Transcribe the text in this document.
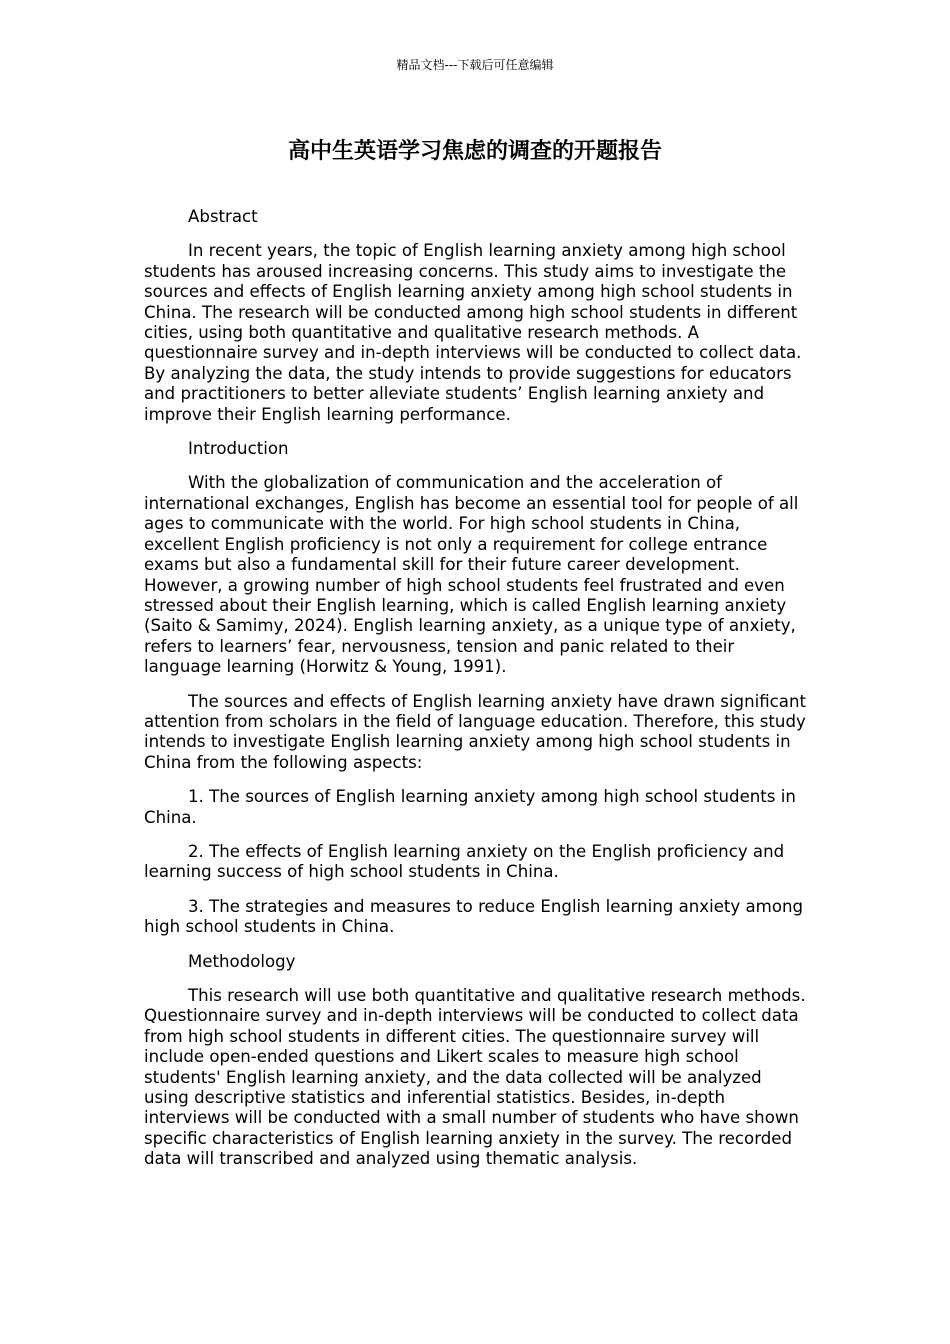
精品文档---下载后可任意编辑
高中生英语学习焦虑的调查的开题报告

Abstract

In recent years, the topic of English learning anxiety among high school students has aroused increasing concerns. This study aims to investigate the sources and effects of English learning anxiety among high school students in China. The research will be conducted among high school students in different cities, using both quantitative and qualitative research methods. A questionnaire survey and in-depth interviews will be conducted to collect data. By analyzing the data, the study intends to provide suggestions for educators and practitioners to better alleviate students’ English learning anxiety and improve their English learning performance.

Introduction

With the globalization of communication and the acceleration of international exchanges, English has become an essential tool for people of all ages to communicate with the world. For high school students in China, excellent English proficiency is not only a requirement for college entrance exams but also a fundamental skill for their future career development. However, a growing number of high school students feel frustrated and even stressed about their English learning, which is called English learning anxiety (Saito & Samimy, 2024). English learning anxiety, as a unique type of anxiety, refers to learners’ fear, nervousness, tension and panic related to their language learning (Horwitz & Young, 1991).

The sources and effects of English learning anxiety have drawn significant attention from scholars in the field of language education. Therefore, this study intends to investigate English learning anxiety among high school students in China from the following aspects:

1. The sources of English learning anxiety among high school students in China.

2. The effects of English learning anxiety on the English proficiency and learning success of high school students in China.

3. The strategies and measures to reduce English learning anxiety among high school students in China.

Methodology

This research will use both quantitative and qualitative research methods. Questionnaire survey and in-depth interviews will be conducted to collect data from high school students in different cities. The questionnaire survey will include open-ended questions and Likert scales to measure high school students' English learning anxiety, and the data collected will be analyzed using descriptive statistics and inferential statistics. Besides, in-depth interviews will be conducted with a small number of students who have shown specific characteristics of English learning anxiety in the survey. The recorded data will transcribed and analyzed using thematic analysis.
